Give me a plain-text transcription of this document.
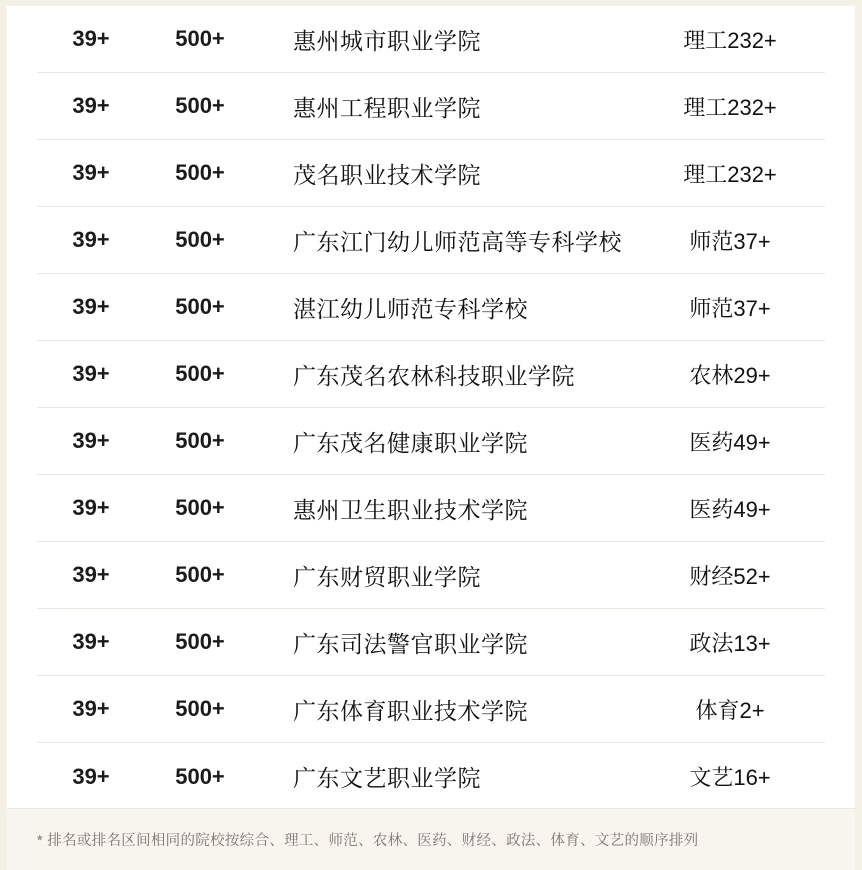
39+	500+	惠州城市职业学院	理工232+
39+	500+	惠州工程职业学院	理工232+
39+	500+	茂名职业技术学院	理工232+
39+	500+	广东江门幼儿师范高等专科学校	师范37+
39+	500+	湛江幼儿师范专科学校	师范37+
39+	500+	广东茂名农林科技职业学院	农林29+
39+	500+	广东茂名健康职业学院	医药49+
39+	500+	惠州卫生职业技术学院	医药49+
39+	500+	广东财贸职业学院	财经52+
39+	500+	广东司法警官职业学院	政法13+
39+	500+	广东体育职业技术学院	体育2+
39+	500+	广东文艺职业学院	文艺16+
* 排名或排名区间相同的院校按综合、理工、师范、农林、医药、财经、政法、体育、文艺的顺序排列
